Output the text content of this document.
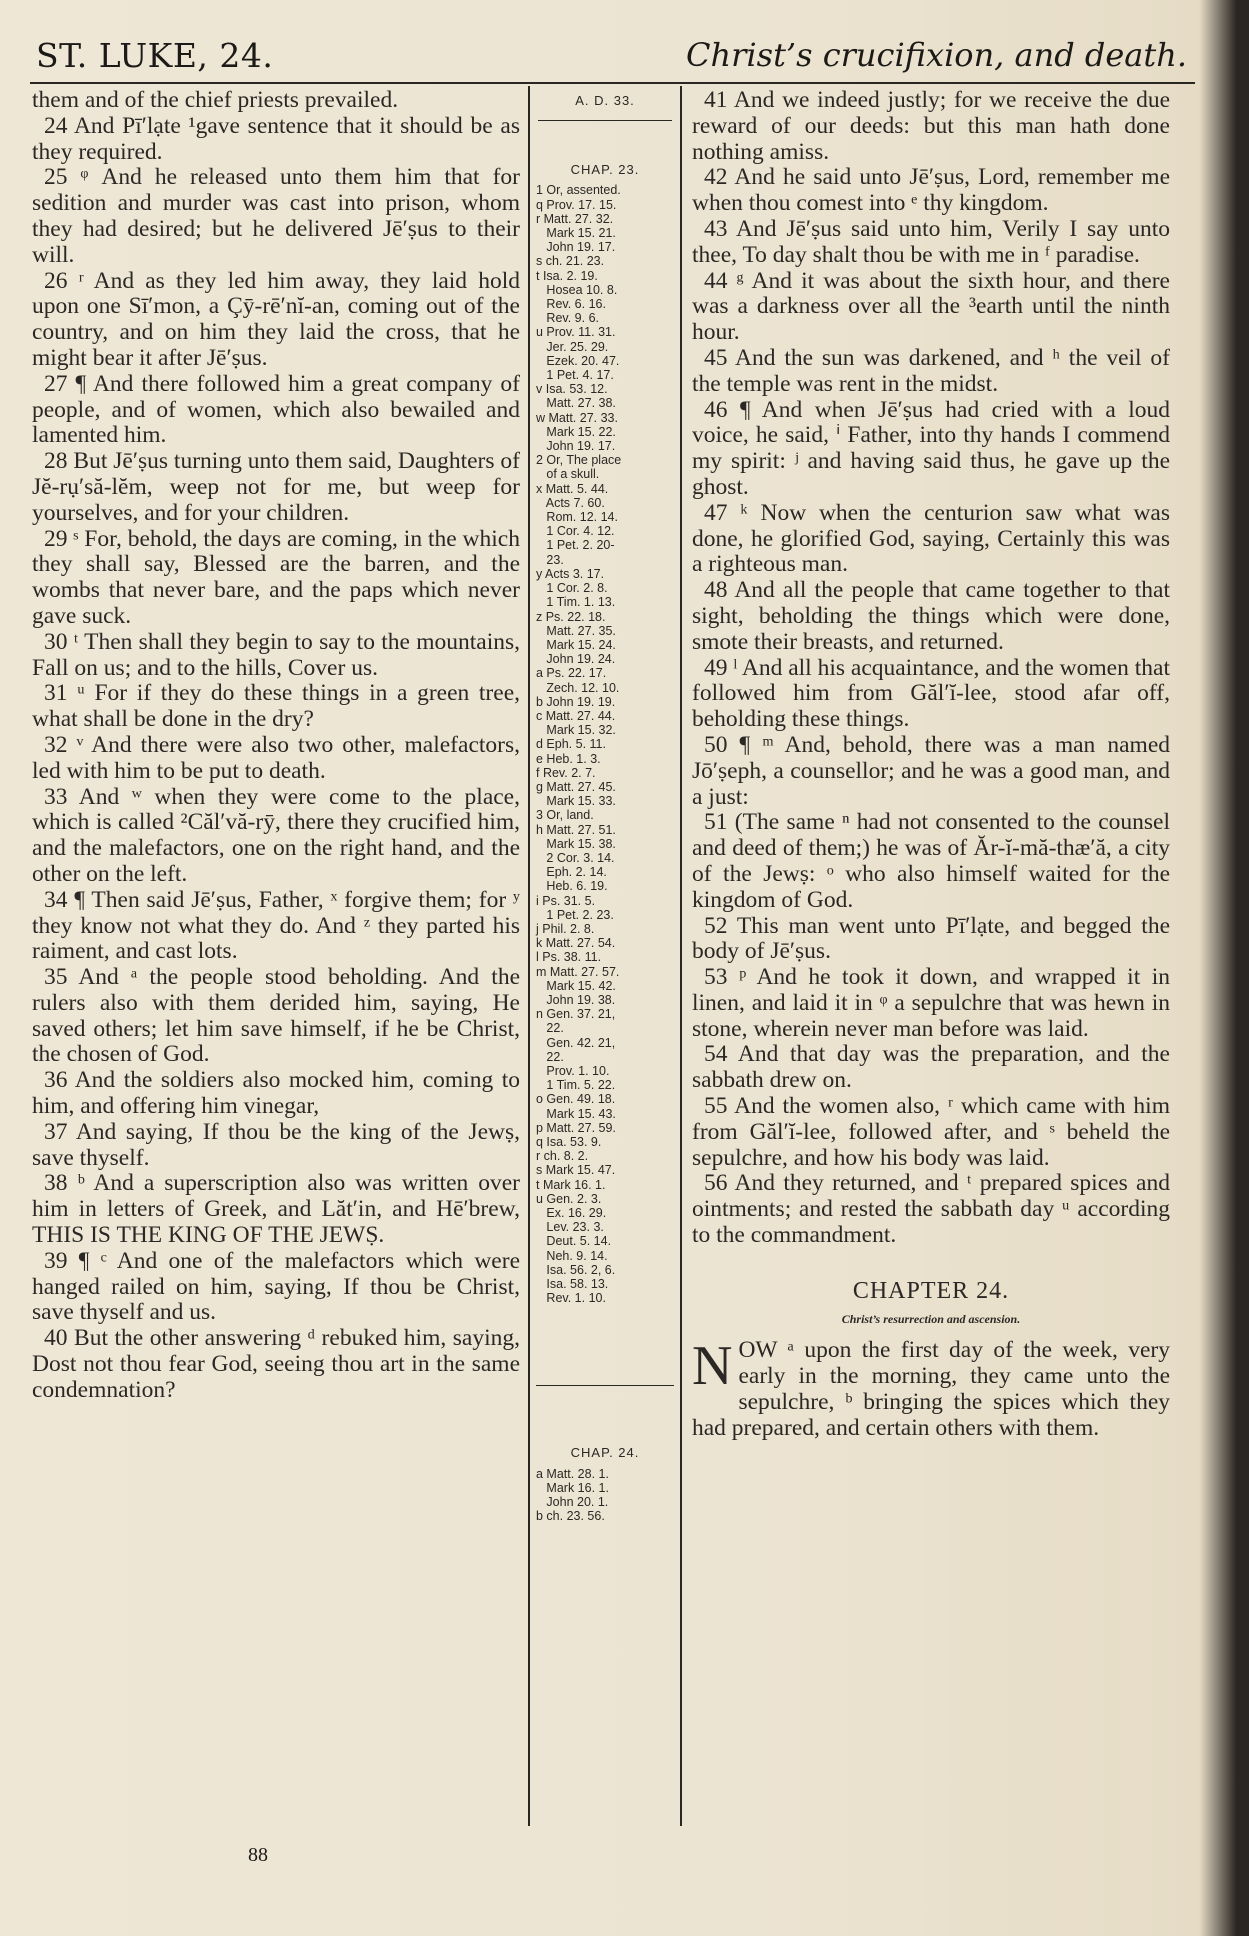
ST. LUKE, 24.	Christ’s crucifixion, and death.

them and of the chief priests prevailed.

24 And Pī′lạte ¹gave sentence that it should be as they required.

25 ᵠ And he released unto them him that for sedition and murder was cast into prison, whom they had desired; but he delivered Jē′ṣus to their will.

26 ʳ And as they led him away, they laid hold upon one Sī′mon, a Çȳ-rē′nĭ-an, coming out of the country, and on him they laid the cross, that he might bear it after Jē′ṣus.

27 ¶ And there followed him a great company of people, and of women, which also bewailed and lamented him.

28 But Jē′ṣus turning unto them said, Daughters of Jĕ-rụ′să-lĕm, weep not for me, but weep for yourselves, and for your children.

29 ˢ For, behold, the days are coming, in the which they shall say, Blessed are the barren, and the wombs that never bare, and the paps which never gave suck.

30 ᵗ Then shall they begin to say to the mountains, Fall on us; and to the hills, Cover us.

31 ᵘ For if they do these things in a green tree, what shall be done in the dry?

32 ᵛ And there were also two other, malefactors, led with him to be put to death.

33 And ʷ when they were come to the place, which is called ²Căl′vă-rȳ, there they crucified him, and the malefactors, one on the right hand, and the other on the left.

34 ¶ Then said Jē′ṣus, Father, ˣ forgive them; for ʸ they know not what they do. And ᶻ they parted his raiment, and cast lots.

35 And ᵃ the people stood beholding. And the rulers also with them derided him, saying, He saved others; let him save himself, if he be Christ, the chosen of God.

36 And the soldiers also mocked him, coming to him, and offering him vinegar,

37 And saying, If thou be the king of the Jewṣ, save thyself.

38 ᵇ And a superscription also was written over him in letters of Greek, and Lăt′in, and Hē′brew, THIS IS THE KING OF THE JEWṢ.

39 ¶ ᶜ And one of the malefactors which were hanged railed on him, saying, If thou be Christ, save thyself and us.

40 But the other answering ᵈ rebuked him, saying, Dost not thou fear God, seeing thou art in the same condemnation?

A. D. 33.
CHAP. 23.
1 Or, assented.
q Prov. 17. 15.
r Matt. 27. 32.
Mark 15. 21.
John 19. 17.
s ch. 21. 23.
t Isa. 2. 19.
Hosea 10. 8.
Rev. 6. 16.
Rev. 9. 6.
u Prov. 11. 31.
Jer. 25. 29.
Ezek. 20. 47.
1 Pet. 4. 17.
v Isa. 53. 12.
Matt. 27. 38.
w Matt. 27. 33.
Mark 15. 22.
John 19. 17.
2 Or, The place
of a skull.
x Matt. 5. 44.
Acts 7. 60.
Rom. 12. 14.
1 Cor. 4. 12.
1 Pet. 2. 20-
23.
y Acts 3. 17.
1 Cor. 2. 8.
1 Tim. 1. 13.
z Ps. 22. 18.
Matt. 27. 35.
Mark 15. 24.
John 19. 24.
a Ps. 22. 17.
Zech. 12. 10.
b John 19. 19.
c Matt. 27. 44.
Mark 15. 32.
d Eph. 5. 11.
e Heb. 1. 3.
f Rev. 2. 7.
g Matt. 27. 45.
Mark 15. 33.
3 Or, land.
h Matt. 27. 51.
Mark 15. 38.
2 Cor. 3. 14.
Eph. 2. 14.
Heb. 6. 19.
i Ps. 31. 5.
1 Pet. 2. 23.
j Phil. 2. 8.
k Matt. 27. 54.
l Ps. 38. 11.
m Matt. 27. 57.
Mark 15. 42.
John 19. 38.
n Gen. 37. 21,
22.
Gen. 42. 21,
22.
Prov. 1. 10.
1 Tim. 5. 22.
o Gen. 49. 18.
Mark 15. 43.
p Matt. 27. 59.
q Isa. 53. 9.
r ch. 8. 2.
s Mark 15. 47.
t Mark 16. 1.
u Gen. 2. 3.
Ex. 16. 29.
Lev. 23. 3.
Deut. 5. 14.
Neh. 9. 14.
Isa. 56. 2, 6.
Isa. 58. 13.
Rev. 1. 10.
CHAP. 24.
a Matt. 28. 1.
Mark 16. 1.
John 20. 1.
b ch. 23. 56.

41 And we indeed justly; for we receive the due reward of our deeds: but this man hath done nothing amiss.

42 And he said unto Jē′ṣus, Lord, remember me when thou comest into ᵉ thy kingdom.

43 And Jē′ṣus said unto him, Verily I say unto thee, To day shalt thou be with me in ᶠ paradise.

44 ᵍ And it was about the sixth hour, and there was a darkness over all the ³earth until the ninth hour.

45 And the sun was darkened, and ʰ the veil of the temple was rent in the midst.

46 ¶ And when Jē′ṣus had cried with a loud voice, he said, ⁱ Father, into thy hands I commend my spirit: ʲ and having said thus, he gave up the ghost.

47 ᵏ Now when the centurion saw what was done, he glorified God, saying, Certainly this was a righteous man.

48 And all the people that came together to that sight, beholding the things which were done, smote their breasts, and returned.

49 ˡ And all his acquaintance, and the women that followed him from Găl′ĭ-lee, stood afar off, beholding these things.

50 ¶ ᵐ And, behold, there was a man named Jō′ṣeph, a counsellor; and he was a good man, and a just:

51 (The same ⁿ had not consented to the counsel and deed of them;) he was of Ăr-ĭ-mă-thæ′ă, a city of the Jewṣ: ᵒ who also himself waited for the kingdom of God.

52 This man went unto Pī′lạte, and begged the body of Jē′ṣus.

53 ᵖ And he took it down, and wrapped it in linen, and laid it in ᵠ a sepulchre that was hewn in stone, wherein never man before was laid.

54 And that day was the preparation, and the sabbath drew on.

55 And the women also, ʳ which came with him from Găl′ĭ-lee, followed after, and ˢ beheld the sepulchre, and how his body was laid.

56 And they returned, and ᵗ prepared spices and ointments; and rested the sabbath day ᵘ according to the commandment.

CHAPTER 24.
Christ’s resurrection and ascension.

NOW ᵃ upon the first day of the week, very early in the morning, they came unto the sepulchre, ᵇ bringing the spices which they had prepared, and certain others with them.

88
